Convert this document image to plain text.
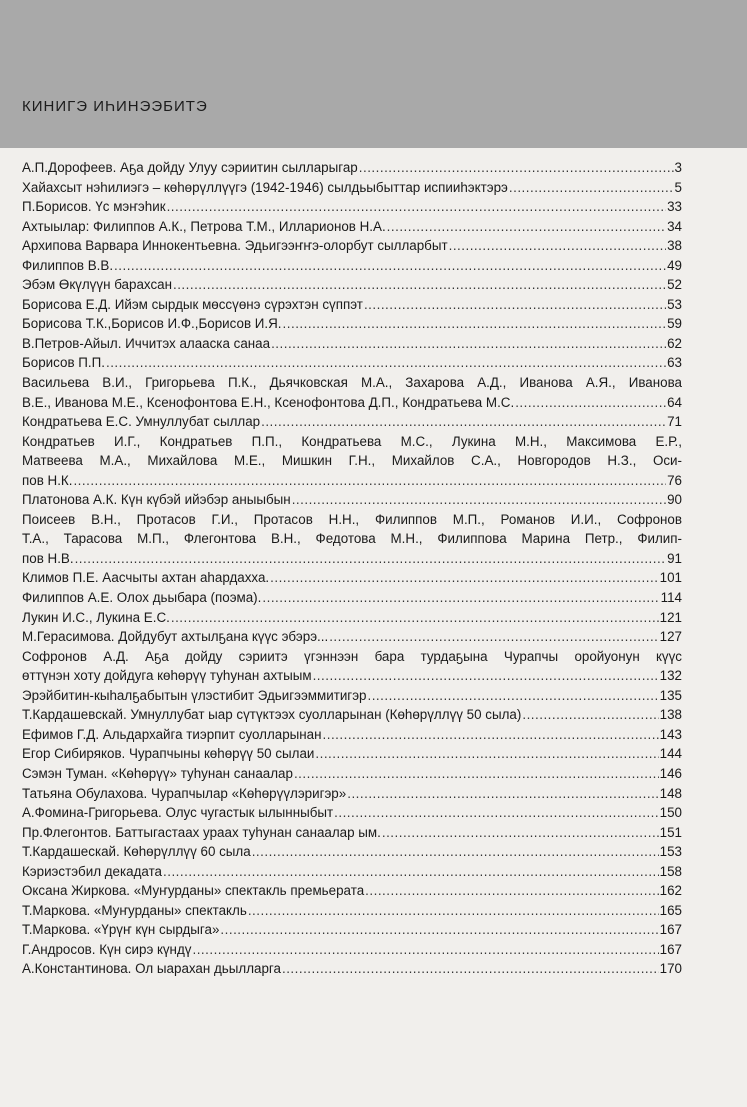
КИНИГЭ ИҺИНЭЭБИТЭ
А.П.Дорофеев. Аҕа дойду Улуу сэриитин сылларыгар .....	3
Хайахсыт нэһилиэгэ – көһөрүллүүгэ (1942-1946) сылдьыбыттар испииһэктэрэ .....	5
П.Борисов. Үс мэҥэһик .....	33
Ахтыылар: Филиппов А.К., Петрова Т.М., Илларионов Н.А. .....	34
Архипова Варвара Иннокентьевна. Эдьигээҥҥэ-олорбут сылларбыт .....	38
Филиппов В.В. .....	49
Эбэм Өкүлүүн барахсан .....	52
Борисова Е.Д. Ийэм сырдык мөссүөнэ сүрэхтэн сүппэт .....	53
Борисова Т.К.,Борисов И.Ф.,Борисов И.Я. .....	59
В.Петров-Айыл. Иччитэх алааска санаа .....	62
Борисов П.П. .....	63
Васильева В.И., Григорьева П.К., Дьячковская М.А., Захарова А.Д., Иванова А.Я., Иванова
В.Е., Иванова М.Е., Ксенофонтова Е.Н., Ксенофонтова Д.П., Кондратьева М.С. .....	64
Кондратьева Е.С. Умнуллубат сыллар .....	71
Кондратьев И.Г., Кондратьев П.П., Кондратьева М.С., Лукина М.Н., Максимова Е.Р.,
Матвеева М.А., Михайлова М.Е., Мишкин Г.Н., Михайлов С.А., Новгородов Н.З., Оси-
пов Н.К. .....	76
Платонова А.К. Күн күбэй ийэбэр аныыбын .....	90
Поисеев В.Н., Протасов Г.И., Протасов Н.Н., Филиппов М.П., Романов И.И., Софронов
Т.А., Тарасова М.П., Флегонтова В.Н., Федотова М.Н., Филиппова Марина Петр., Филип-
пов Н.В. .....	91
Климов П.Е. Аасчыты ахтан аһардахха. .....	101
Филиппов А.Е. Олох дьыбара (поэма). .....	114
Лукин И.С., Лукина Е.С. .....	121
М.Герасимова. Дойдубут ахтылҕана күүс эбэрэ... .....	127
Софронов А.Д. Аҕа дойду сэриитэ үгэннээн бара турдаҕына Чурапчы оройуонун күүс
өттүнэн хоту дойдуга көһөрүү туһунан ахтыым .....	132
Эрэйбитин-кыһалҕабытын үлэстибит Эдьигээммитигэр .....	135
Т.Кардашевскай. Умнуллубат ыар сүтүктээх суолларынан (Көһөрүллүү 50 сыла) .....	138
Ефимов Г.Д. Альдархайга тиэрпит суолларынан .....	143
Егор Сибиряков. Чурапчыны көһөрүү 50 сылаи .....	144
Сэмэн Туман. «Көһөрүү» туһунан санаалар .....	146
Татьяна Обулахова. Чурапчылар «Көһөрүүлэригэр» .....	148
А.Фомина-Григорьева. Олус чугастык ылынныбыт .....	150
Пр.Флегонтов. Баттыгастаах ураах туһунан санаалар ым. .....	151
Т.Кардашескай. Көһөрүллүү 60 сыла .....	153
Кэриэстэбил декадата .....	158
Оксана Жиркова. «Муҥурданы» спектакль премьерата .....	162
Т.Маркова. «Муҥурданы» спектакль .....	165
Т.Маркова. «Үрүҥ күн сырдыга» .....	167
Г.Андросов. Күн сирэ күндү .....	167
А.Константинова. Ол ыарахан дьылларга .....	170
